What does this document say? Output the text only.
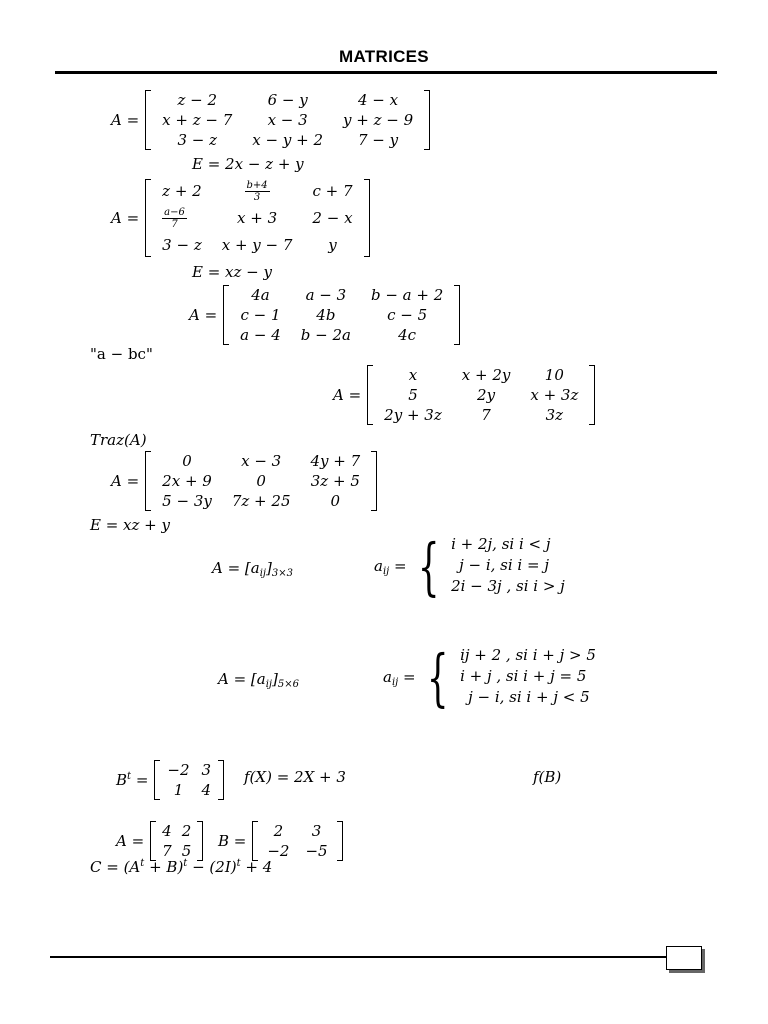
MATRICES
A =
z − 2	6 − y	4 − x
x + z − 7	x − 3	y + z − 9
3 − z	x − y + 2	7 − y
E = 2x − z + y
A =
z + 2	$\frac{b+4}{3}$	c + 7

$\frac{a-6}{7}$	x + 3	2 − x
3 − z	x + y − 7	y
E = xz − y
A =
4a	a − 3	b − a + 2
c − 1	4b	c − 5
a − 4	b − 2a	4c
"a − bc"
A =
x	x + 2y	10
5	2y	x + 3z
2y + 3z	7	3z
Traz(A)
A =
0	x − 3	4y + 7
2x + 9	0	3z + 5
5 − 3y	7z + 25	0
E = xz + y
$A = [a_{ij}]_{3\times 3}$	$a_{ij}$ = { i + 2j, si i < j
j − i, si i = j
2i − 3j , si i > j
$A = [a_{ij}]_{5\times 6}$	$a_{ij}$ = { ij + 2 , si i + j > 5
i + j , si i + j = 5
j − i, si i + j < 5
$B^t$ =
−2	3
1	4
f(X) = 2X + 3	f(B)
A =
4	2
7	5
B =
2	3
−2	−5
$C = (A^t + B)^t - (2I)^t + 4$
